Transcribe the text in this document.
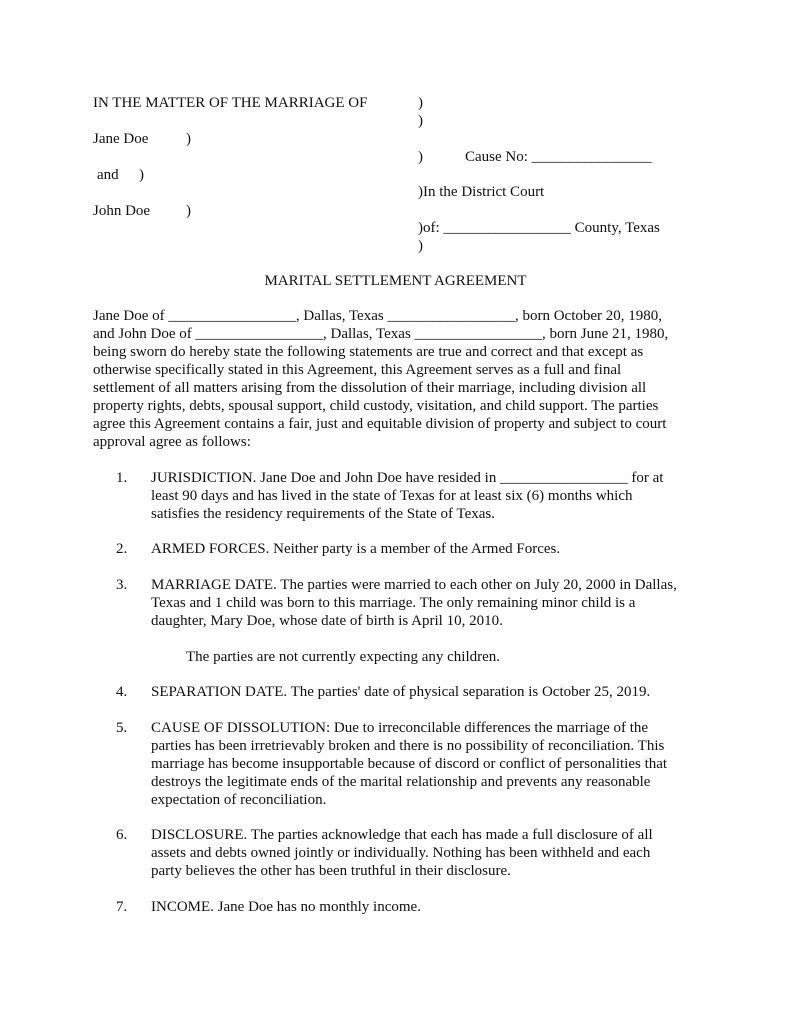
IN THE MATTER OF THE MARRIAGE OF
Jane Doe	)
and )
John Doe )
)
)
)	Cause No: ________________
)In the District Court
)of: _________________ County, Texas
)
MARITAL SETTLEMENT AGREEMENT
Jane Doe of _________________, Dallas, Texas _________________, born October 20, 1980,
and John Doe of _________________, Dallas, Texas _________________, born June 21, 1980,
being sworn do hereby state the following statements are true and correct and that except as
otherwise specifically stated in this Agreement, this Agreement serves as a full and final
settlement of all matters arising from the dissolution of their marriage, including division all
property rights, debts, spousal support, child custody, visitation, and child support. The parties
agree this Agreement contains a fair, just and equitable division of property and subject to court
approval agree as follows:
1. JURISDICTION. Jane Doe and John Doe have resided in _________________ for at
least 90 days and has lived in the state of Texas for at least six (6) months which
satisfies the residency requirements of the State of Texas.
2. ARMED FORCES. Neither party is a member of the Armed Forces.
3. MARRIAGE DATE. The parties were married to each other on July 20, 2000 in Dallas,
Texas and 1 child was born to this marriage. The only remaining minor child is a
daughter, Mary Doe, whose date of birth is April 10, 2010.
The parties are not currently expecting any children.
4. SEPARATION DATE. The parties' date of physical separation is October 25, 2019.
5. CAUSE OF DISSOLUTION: Due to irreconcilable differences the marriage of the
parties has been irretrievably broken and there is no possibility of reconciliation. This
marriage has become insupportable because of discord or conflict of personalities that
destroys the legitimate ends of the marital relationship and prevents any reasonable
expectation of reconciliation.
6. DISCLOSURE. The parties acknowledge that each has made a full disclosure of all
assets and debts owned jointly or individually. Nothing has been withheld and each
party believes the other has been truthful in their disclosure.
7. INCOME. Jane Doe has no monthly income.
